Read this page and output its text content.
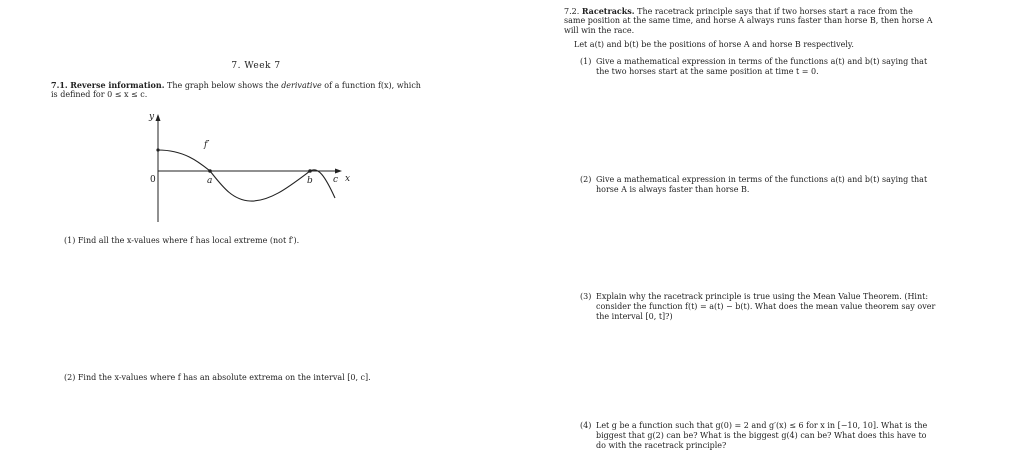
7. Week 7
7.1. Reverse information. The graph below shows the derivative of a function f(x), which
is defined for 0 ≤ x ≤ c.
y
x
0
f′
a	b c
(1) Find all the x-values where f has local extreme (not f′).
(2) Find the x-values where f has an absolute extrema on the interval [0, c].
7.2. Racetracks. The racetrack principle says that if two horses start a race from the
same position at the same time, and horse A always runs faster than horse B, then horse A
will win the race.
Let a(t) and b(t) be the positions of horse A and horse B respectively.
(1) Give a mathematical expression in terms of the functions a(t) and b(t) saying that
the two horses start at the same position at time t = 0.
(2) Give a mathematical expression in terms of the functions a(t) and b(t) saying that
horse A is always faster than horse B.
(3) Explain why the racetrack principle is true using the Mean Value Theorem. (Hint:
consider the function f(t) = a(t) − b(t). What does the mean value theorem say over
the interval [0, t]?)
(4) Let g be a function such that g(0) = 2 and g′(x) ≤ 6 for x in [−10, 10]. What is the
biggest that g(2) can be? What is the biggest g(4) can be? What does this have to
do with the racetrack principle?
